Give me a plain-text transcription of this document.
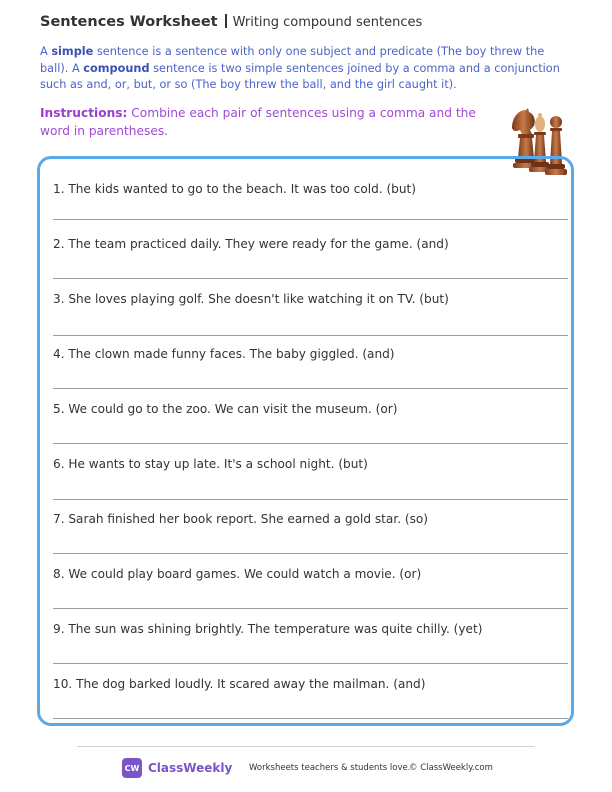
Sentences Worksheet Writing compound sentences
A simple sentence is a sentence with only one subject and predicate (The boy threw the ball). A compound sentence is two simple sentences joined by a comma and a conjunction such as and, or, but, or so (The boy threw the ball, and the girl caught it).
Instructions: Combine each pair of sentences using a comma and the word in parentheses.
1. The kids wanted to go to the beach. It was too cold. (but)
2. The team practiced daily. They were ready for the game. (and)
3. She loves playing golf. She doesn't like watching it on TV. (but)
4. The clown made funny faces. The baby giggled. (and)
5. We could go to the zoo. We can visit the museum. (or)
6. He wants to stay up late. It's a school night. (but)
7. Sarah finished her book report. She earned a gold star. (so)
8. We could play board games. We could watch a movie. (or)
9. The sun was shining brightly. The temperature was quite chilly. (yet)
10. The dog barked loudly. It scared away the mailman. (and)
CW ClassWeekly Worksheets teachers & students love.
© ClassWeekly.com
